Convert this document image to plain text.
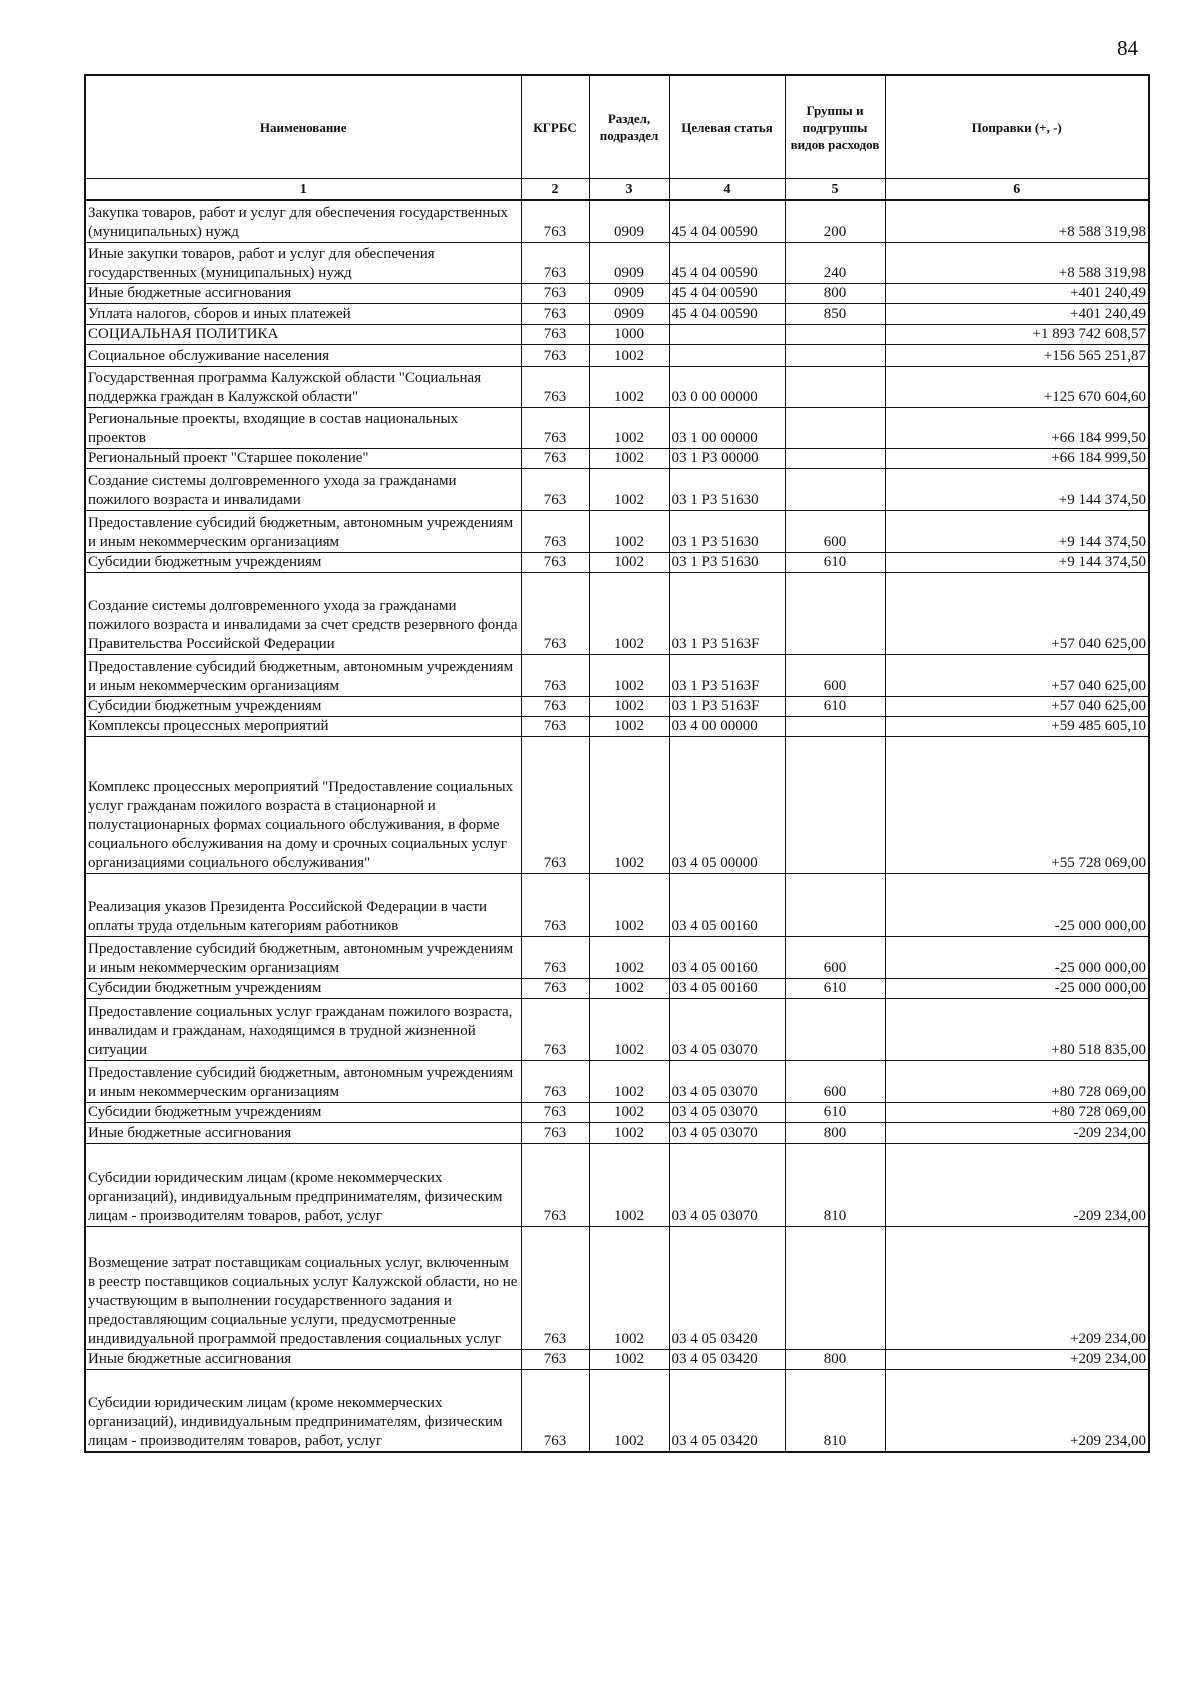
84
Наименование	КГРБС	Раздел, подраздел	Целевая статья	Группы и подгруппы видов расходов	Поправки (+, -)
1	2	3	4	5	6
Закупка товаров, работ и услуг для обеспечения государственных (муниципальных) нужд	763	0909	45 4 04 00590	200	+8 588 319,98
Иные закупки товаров, работ и услуг для обеспечения государственных (муниципальных) нужд	763	0909	45 4 04 00590	240	+8 588 319,98
Иные бюджетные ассигнования	763	0909	45 4 04 00590	800	+401 240,49
Уплата налогов, сборов и иных платежей	763	0909	45 4 04 00590	850	+401 240,49
СОЦИАЛЬНАЯ ПОЛИТИКА	763	1000			+1 893 742 608,57
Социальное обслуживание населения	763	1002			+156 565 251,87
Государственная программа Калужской области "Социальная поддержка граждан в Калужской области"	763	1002	03 0 00 00000		+125 670 604,60
Региональные проекты, входящие в состав национальных проектов	763	1002	03 1 00 00000		+66 184 999,50
Региональный проект "Старшее поколение"	763	1002	03 1 P3 00000		+66 184 999,50
Создание системы долговременного ухода за гражданами пожилого возраста и инвалидами	763	1002	03 1 P3 51630		+9 144 374,50
Предоставление субсидий бюджетным, автономным учреждениям и иным некоммерческим организациям	763	1002	03 1 P3 51630	600	+9 144 374,50
Субсидии бюджетным учреждениям	763	1002	03 1 P3 51630	610	+9 144 374,50
Создание системы долговременного ухода за гражданами пожилого возраста и инвалидами за счет средств резервного фонда Правительства Российской Федерации	763	1002	03 1 P3 5163F		+57 040 625,00
Предоставление субсидий бюджетным, автономным учреждениям и иным некоммерческим организациям	763	1002	03 1 P3 5163F	600	+57 040 625,00
Субсидии бюджетным учреждениям	763	1002	03 1 P3 5163F	610	+57 040 625,00
Комплексы процессных мероприятий	763	1002	03 4 00 00000		+59 485 605,10
Комплекс процессных мероприятий "Предоставление социальных услуг гражданам пожилого возраста в стационарной и полустационарных формах социального обслуживания, в форме социального обслуживания на дому и срочных социальных услуг организациями социального обслуживания"	763	1002	03 4 05 00000		+55 728 069,00
Реализация указов Президента Российской Федерации в части оплаты труда отдельным категориям работников	763	1002	03 4 05 00160		-25 000 000,00
Предоставление субсидий бюджетным, автономным учреждениям и иным некоммерческим организациям	763	1002	03 4 05 00160	600	-25 000 000,00
Субсидии бюджетным учреждениям	763	1002	03 4 05 00160	610	-25 000 000,00
Предоставление социальных услуг гражданам пожилого возраста, инвалидам и гражданам, находящимся в трудной жизненной ситуации	763	1002	03 4 05 03070		+80 518 835,00
Предоставление субсидий бюджетным, автономным учреждениям и иным некоммерческим организациям	763	1002	03 4 05 03070	600	+80 728 069,00
Субсидии бюджетным учреждениям	763	1002	03 4 05 03070	610	+80 728 069,00
Иные бюджетные ассигнования	763	1002	03 4 05 03070	800	-209 234,00
Субсидии юридическим лицам (кроме некоммерческих организаций), индивидуальным предпринимателям, физическим лицам - производителям товаров, работ, услуг	763	1002	03 4 05 03070	810	-209 234,00
Возмещение затрат поставщикам социальных услуг, включенным в реестр поставщиков социальных услуг Калужской области, но не участвующим в выполнении государственного задания и предоставляющим социальные услуги, предусмотренные индивидуальной программой предоставления социальных услуг	763	1002	03 4 05 03420		+209 234,00
Иные бюджетные ассигнования	763	1002	03 4 05 03420	800	+209 234,00
Субсидии юридическим лицам (кроме некоммерческих организаций), индивидуальным предпринимателям, физическим лицам - производителям товаров, работ, услуг	763	1002	03 4 05 03420	810	+209 234,00
